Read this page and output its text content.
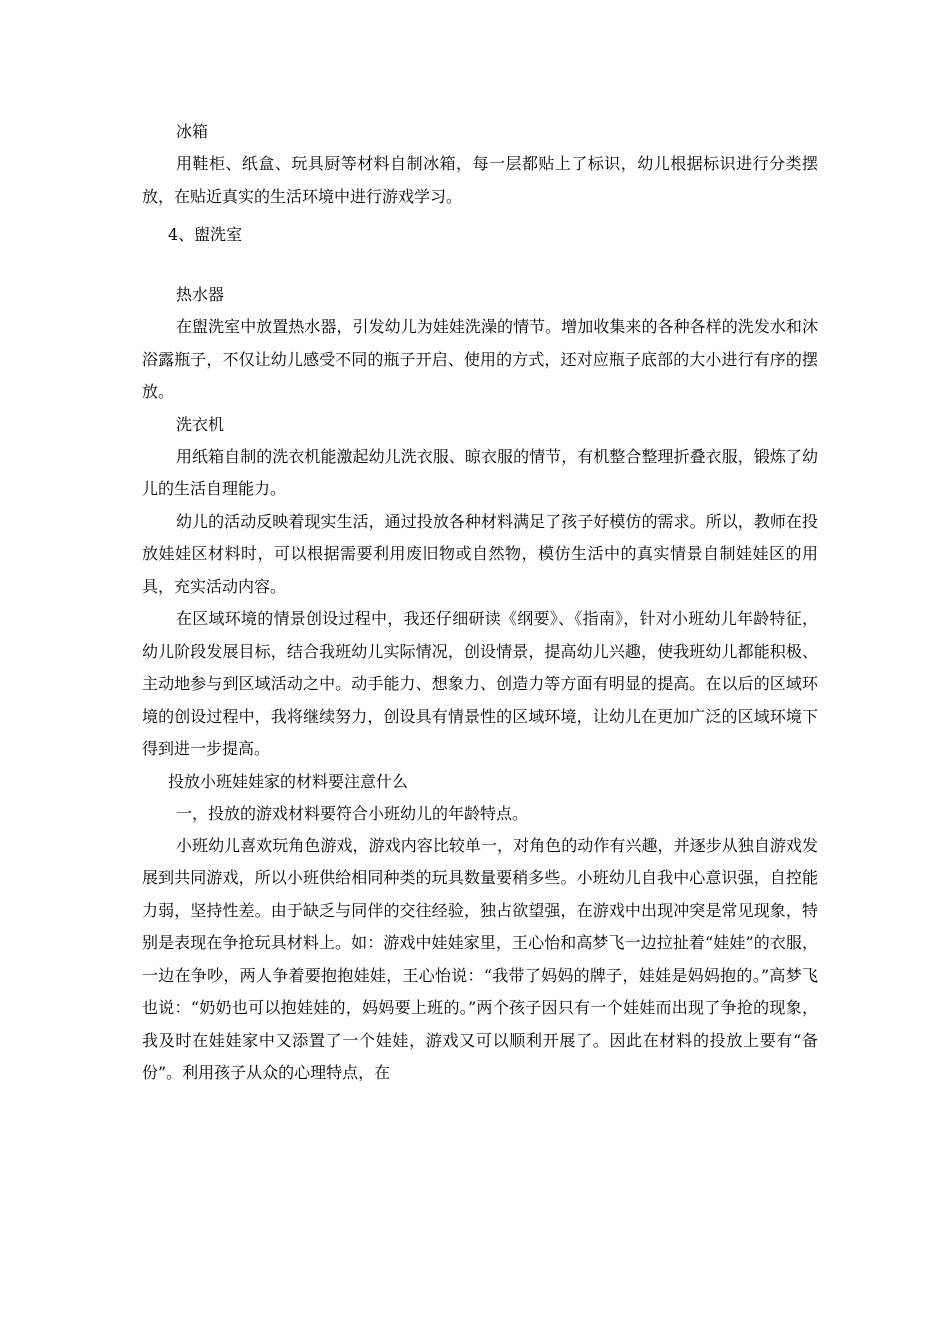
冰箱
用鞋柜、纸盒、玩具厨等材料自制冰箱，每一层都贴上了标识，幼儿根据标识进行分类摆放，在贴近真实的生活环境中进行游戏学习。
4、盥洗室
热水器
在盥洗室中放置热水器，引发幼儿为娃娃洗澡的情节。增加收集来的各种各样的洗发水和沐浴露瓶子，不仅让幼儿感受不同的瓶子开启、使用的方式，还对应瓶子底部的大小进行有序的摆放。
洗衣机
用纸箱自制的洗衣机能激起幼儿洗衣服、晾衣服的情节，有机整合整理折叠衣服，锻炼了幼儿的生活自理能力。
幼儿的活动反映着现实生活，通过投放各种材料满足了孩子好模仿的需求。所以，教师在投放娃娃区材料时，可以根据需要利用废旧物或自然物，模仿生活中的真实情景自制娃娃区的用具，充实活动内容。
在区域环境的情景创设过程中，我还仔细研读《纲要》、《指南》，针对小班幼儿年龄特征，幼儿阶段发展目标，结合我班幼儿实际情况，创设情景，提高幼儿兴趣，使我班幼儿都能积极、主动地参与到区域活动之中。动手能力、想象力、创造力等方面有明显的提高。在以后的区域环境的创设过程中，我将继续努力，创设具有情景性的区域环境，让幼儿在更加广泛的区域环境下得到进一步提高。
投放小班娃娃家的材料要注意什么
一，投放的游戏材料要符合小班幼儿的年龄特点。
小班幼儿喜欢玩角色游戏，游戏内容比较单一，对角色的动作有兴趣，并逐步从独自游戏发展到共同游戏，所以小班供给相同种类的玩具数量要稍多些。小班幼儿自我中心意识强，自控能力弱，坚持性差。由于缺乏与同伴的交往经验，独占欲望强，在游戏中出现冲突是常见现象，特别是表现在争抢玩具材料上。如：游戏中娃娃家里，王心怡和高梦飞一边拉扯着“娃娃”的衣服，一边在争吵，两人争着要抱抱娃娃，王心怡说：“我带了妈妈的牌子，娃娃是妈妈抱的。”高梦飞也说：“奶奶也可以抱娃娃的，妈妈要上班的。”两个孩子因只有一个娃娃而出现了争抢的现象，我及时在娃娃家中又添置了一个娃娃，游戏又可以顺利开展了。因此在材料的投放上要有“备份”。利用孩子从众的心理特点，在
